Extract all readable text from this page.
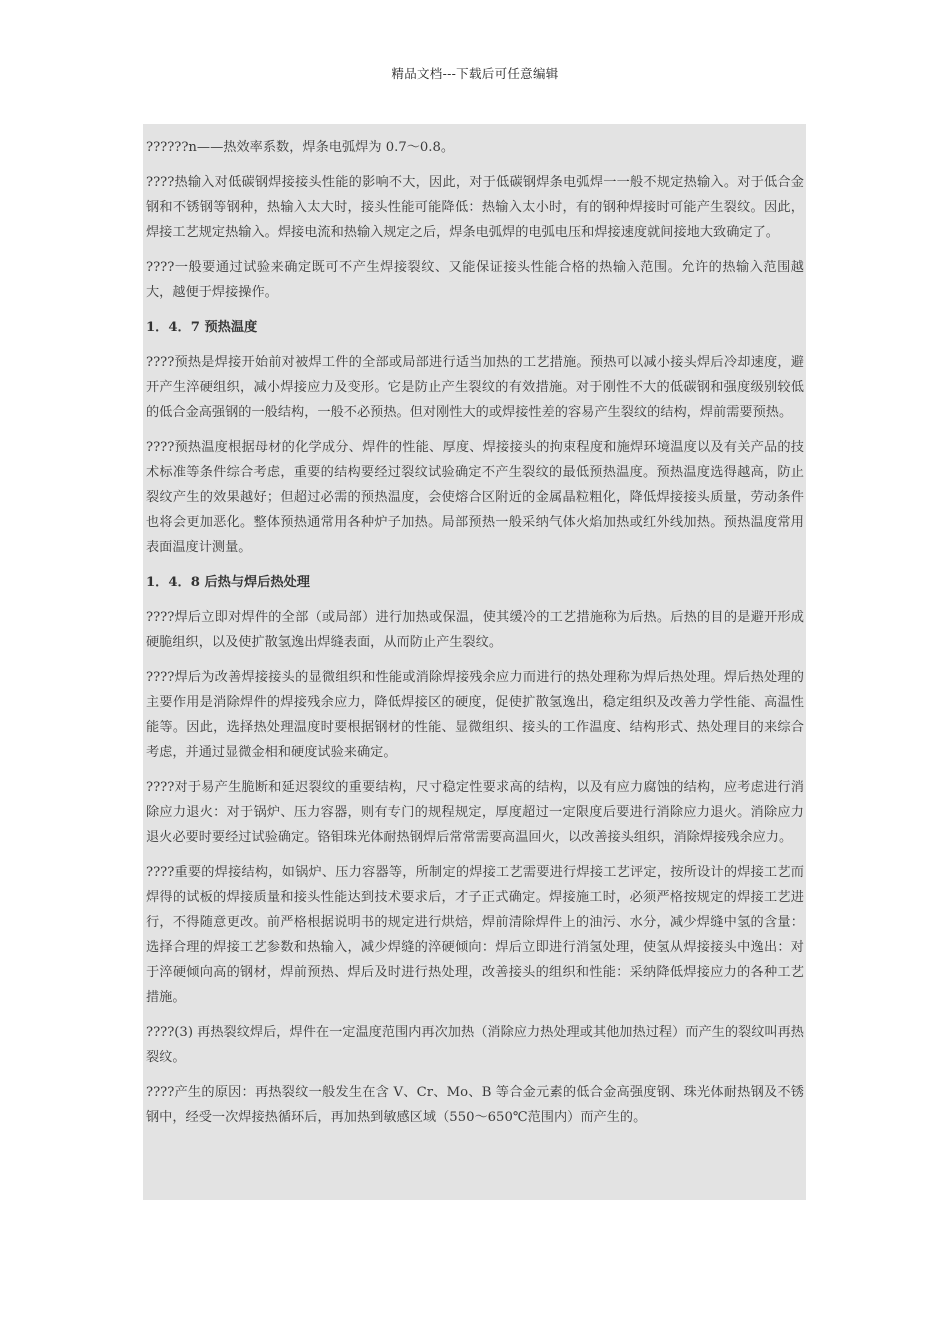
精品文档---下载后可任意编辑

??????n——热效率系数，焊条电弧焊为 0.7～0.8。

????热输入对低碳钢焊接接头性能的影响不大，因此，对于低碳钢焊条电弧焊一一般不规定热输入。对于低合金钢和不锈钢等钢种，热输入太大时，接头性能可能降低：热输入太小时，有的钢种焊接时可能产生裂纹。因此，焊接工艺规定热输入。焊接电流和热输入规定之后，焊条电弧焊的电弧电压和焊接速度就间接地大致确定了。

????一般要通过试验来确定既可不产生焊接裂纹、又能保证接头性能合格的热输入范围。允许的热输入范围越大，越便于焊接操作。

1．4．7 预热温度

????预热是焊接开始前对被焊工件的全部或局部进行适当加热的工艺措施。预热可以减小接头焊后冷却速度，避开产生淬硬组织，减小焊接应力及变形。它是防止产生裂纹的有效措施。对于刚性不大的低碳钢和强度级别较低的低合金高强钢的一般结构，一般不必预热。但对刚性大的或焊接性差的容易产生裂纹的结构，焊前需要预热。

????预热温度根据母材的化学成分、焊件的性能、厚度、焊接接头的拘束程度和施焊环境温度以及有关产品的技术标准等条件综合考虑，重要的结构要经过裂纹试验确定不产生裂纹的最低预热温度。预热温度选得越高，防止裂纹产生的效果越好；但超过必需的预热温度，会使熔合区附近的金属晶粒粗化，降低焊接接头质量，劳动条件也将会更加恶化。整体预热通常用各种炉子加热。局部预热一般采纳气体火焰加热或红外线加热。预热温度常用表面温度计测量。

1．4．8 后热与焊后热处理

????焊后立即对焊件的全部（或局部）进行加热或保温，使其缓冷的工艺措施称为后热。后热的目的是避开形成硬脆组织，以及使扩散氢逸出焊缝表面，从而防止产生裂纹。

????焊后为改善焊接接头的显微组织和性能或消除焊接残余应力而进行的热处理称为焊后热处理。焊后热处理的主要作用是消除焊件的焊接残余应力，降低焊接区的硬度，促使扩散氢逸出，稳定组织及改善力学性能、高温性能等。因此，选择热处理温度时要根据钢材的性能、显微组织、接头的工作温度、结构形式、热处理目的来综合考虑，并通过显微金相和硬度试验来确定。

????对于易产生脆断和延迟裂纹的重要结构，尺寸稳定性要求高的结构，以及有应力腐蚀的结构，应考虑进行消除应力退火：对于锅炉、压力容器，则有专门的规程规定，厚度超过一定限度后要进行消除应力退火。消除应力退火必要时要经过试验确定。铬钼珠光体耐热钢焊后常常需要高温回火，以改善接头组织，消除焊接残余应力。

????重要的焊接结构，如锅炉、压力容器等，所制定的焊接工艺需要进行焊接工艺评定，按所设计的焊接工艺而焊得的试板的焊接质量和接头性能达到技术要求后，才子正式确定。焊接施工时，必须严格按规定的焊接工艺进行，不得随意更改。前严格根据说明书的规定进行烘焙，焊前清除焊件上的油污、水分，减少焊缝中氢的含量：选择合理的焊接工艺参数和热输入，减少焊缝的淬硬倾向：焊后立即进行消氢处理，使氢从焊接接头中逸出：对于淬硬倾向高的钢材，焊前预热、焊后及时进行热处理，改善接头的组织和性能：采纳降低焊接应力的各种工艺措施。

????(3) 再热裂纹焊后，焊件在一定温度范围内再次加热（消除应力热处理或其他加热过程）而产生的裂纹叫再热裂纹。

????产生的原因：再热裂纹一般发生在含 V、Cr、Mo、B 等合金元素的低合金高强度钢、珠光体耐热钢及不锈钢中，经受一次焊接热循环后，再加热到敏感区域（550～650℃范围内）而产生的。
